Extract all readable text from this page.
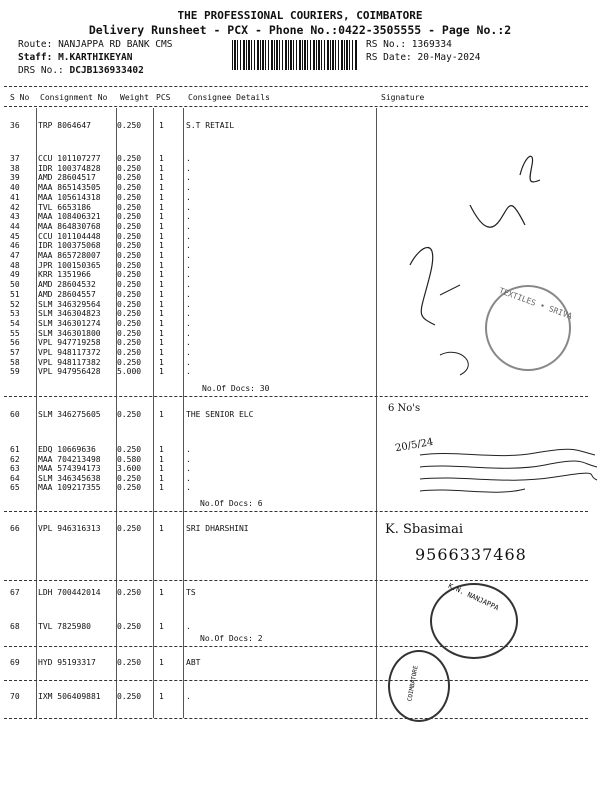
THE PROFESSIONAL COURIERS, COIMBATORE
Delivery Runsheet - PCX - Phone No.:0422-3505555 - Page No.:2
Route: NANJAPPA RD BANK CMS
Staff: M.KARTHIKEYAN
DRS No.: DCJB136933402
RS No.: 1369334
RS Date: 20-May-2024
S No Consignment No Weight PCS Consignee Details	Signature
36 TRP 8064647	0.250 1	S.T RETAIL
37 CCU 101107277 0.250 1	.
38 IDR 100374828 0.250 1	.
39 AMD 28604517	0.250 1	.
40 MAA 865143505 0.250 1	.
41 MAA 105614318 0.250 1	.
42 TVL 6653186	0.250 1	.
43 MAA 108406321 0.250 1	.
44 MAA 864830768 0.250 1	.
45 CCU 101104448 0.250 1	.
46 IDR 100375068 0.250 1	.
47 MAA 865728007 0.250 1	.
48 JPR 100150365 0.250 1	.
49 KRR 1351966	0.250 1	.
50 AMD 28604532	0.250 1	.
51 AMD 28604557	0.250 1	.
52 SLM 346329564 0.250 1	.
53 SLM 346304823 0.250 1	.
54 SLM 346301274 0.250 1	.
55 SLM 346301800 0.250 1	.
56 VPL 947719258 0.250 1	.
57 VPL 948117372 0.250 1	.
58 VPL 948117382 0.250 1	.
59 VPL 947956428 5.000 1	.
No.Of Docs: 30
60 SLM 346275605 0.250 1	THE SENIOR ELC
61 EDQ 10669636	0.250 1	.
62 MAA 704213498 0.580 1	.
63 MAA 574394173 3.600 1	.
64 SLM 346345638 0.250 1	.
65 MAA 109217355 0.250 1	.
No.Of Docs: 6
66 VPL 946316313 0.250 1	SRI DHARSHINI
67 LDH 700442014 0.250 1	TS
68 TVL 7825980	0.250 1	.
No.Of Docs: 2
69 HYD 95193317	0.250 1	ABT
70 IXM 506409881 0.250 1	.
TEXTILES • SRIVA
6 No's
20/5/24
K. Sbasimai
9566337468
K.N. NANJAPPA
COIMBATORE
